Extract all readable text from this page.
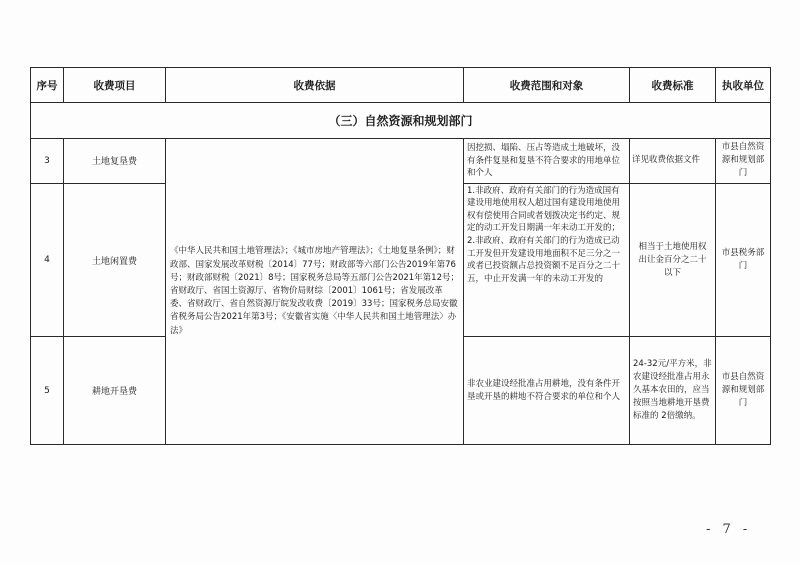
序号	收费项目	收费依据	收费范围和对象	收费标准	执收单位
（三）自然资源和规划部门					
3	土地复垦费	《中华人民共和国土地管理法》；《城市房地产管理法》；《土地复垦条例》；财政部、国家发展改革财税〔2014〕77号；财政部等六部门公告2019年第76号；财政部财税〔2021〕8号；国家税务总局等五部门公告2021年第12号；省财政厅、省国土资源厅、省物价局财综〔2001〕1061号；省发展改革委、省财政厅、省自然资源厅皖发改收费〔2019〕33号；国家税务总局安徽省税务局公告2021年第3号；《安徽省实施〈中华人民共和国土地管理法〉办法》	因挖损、塌陷、压占等造成土地破坏，没有条件复垦和复垦不符合要求的用地单位和个人	详见收费依据文件	市县自然资源和规划部门
4	土地闲置费		1.非政府、政府有关部门的行为造成国有建设用地使用权人超过国有建设用地使用权有偿使用合同或者划拨决定书约定、规定的动工开发日期满一年未动工开发的；2.非政府、政府有关部门的行为造成已动工开发但开发建设用地面积不足三分之一或者已投资额占总投资额不足百分之二十五，中止开发满一年的未动工开发的	相当于土地使用权出让金百分之二十以下	市县税务部门
5	耕地开垦费		非农业建设经批准占用耕地，没有条件开垦或开垦的耕地不符合要求的单位和个人	24-32元/平方米，非农建设经批准占用永久基本农田的，应当按照当地耕地开垦费标准的 2倍缴纳。	市县自然资源和规划部门
- 7 -
